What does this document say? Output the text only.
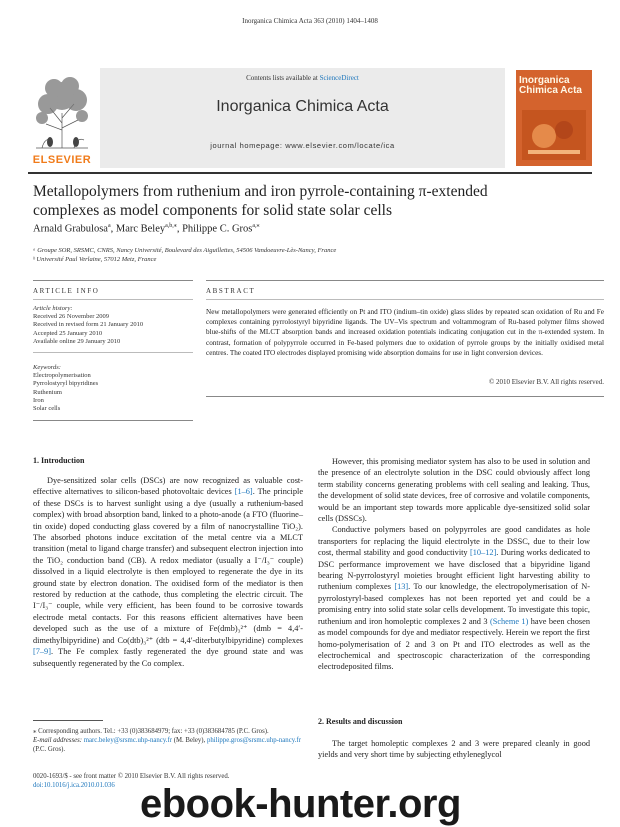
Inorganica Chimica Acta 363 (2010) 1404–1408
ELSEVIER
Contents lists available at ScienceDirect
Inorganica Chimica Acta
journal homepage: www.elsevier.com/locate/ica
Inorganica Chimica Acta
Metallopolymers from ruthenium and iron pyrrole-containing π-extended
complexes as model components for solid state solar cells
Arnald Grabulosa$^a$, Marc Beley$^{a,b,⁎}$, Philippe C. Gros$^{a,⁎}$
ᵃ Groupe SOR, SRSMC, CNRS, Nancy Université, Boulevard des Aiguillettes, 54506 Vandoeuvre-Lès-Nancy, France
ᵇ Université Paul Verlaine, 57012 Metz, France
ARTICLE INFO	ABSTRACT
Article history:
Received 26 November 2009
Received in revised form 21 January 2010
Accepted 25 January 2010
Available online 29 January 2010
Keywords:
Electropolymerisation
Pyrrolostyryl bipyridines
Ruthenium
Iron
Solar cells
New metallopolymers were generated efficiently on Pt and ITO (indium–tin oxide) glass slides by repeated scan oxidation of Ru and Fe complexes containing pyrrolostyryl bipyridine ligands. The UV–Vis spectrum and voltammogram of Ru-based polymer films showed blue-shifts of the MLCT absorption bands and increased oxidation potentials indicating conjugation cut in the π-extended system. In contrast, formation of polypyrrole occurred in Fe-based polymers due to oxidation of pyrrole groups by the initially oxidised metal centres. The coated ITO electrodes displayed promising wide absorption domains for use in light conversion devices.
© 2010 Elsevier B.V. All rights reserved.
1. Introduction

Dye-sensitized solar cells (DSCs) are now recognized as valuable cost-effective alternatives to silicon-based photovoltaic devices [1–6]. The principle of these DSCs is to harvest sunlight using a dye (usually a ruthenium-based complex) with broad absorption band, linked to a photo-anode (a FTO (fluorine–tin oxide) doped conducting glass covered by a film of nanocrystalline TiO₂). The absorbed photons induce excitation of the metal centre via a MLCT transition (metal to ligand charge transfer) and subsequent electron injection into the TiO₂ conduction band (CB). A redox mediator (usually a I⁻/I₃⁻ couple) dissolved in a liquid electrolyte is then employed to regenerate the dye in its ground state by electron donation. The oxidised form of the mediator is then restored by reduction at the cathode, thus completing the electric circuit. The I⁻/I₃⁻ couple, while very efficient, has been found to be corrosive towards electrode metal contacts. For this reasons efficient alternatives have been developed such as the use of a mixture of Fe(dmb)₃²⁺ (dmb = 4,4′-dimethylbipyridine) and Co(dtb)₃²⁺ (dtb = 4,4′-diterbutylbipyridine) complexes [7–9]. The Fe complex fastly regenerated the dye ground state and was subsequently regenerated by the Co complex.

However, this promising mediator system has also to be used in solution and the presence of an electrolyte solution in the DSC could obviously affect long term stability concerns generating problems with cell sealing and leaking. Thus, the development of solid state devices, free of corrosive and volatile components, would be an important step towards more applicable dye-sensitized solid solar cells (DSSCs).

Conductive polymers based on polypyrroles are good candidates as hole transporters for replacing the liquid electrolyte in the DSSC, due to their low cost, thermal stability and good conductivity [10–12]. During works dedicated to DSC performance improvement we have disclosed that a bipyridine ligand bearing N-pyrrolostyryl moieties brought efficient light harvesting ability to ruthenium complexes [13]. To our knowledge, the electropolymerisation of N-pyrrolostyryl-based complexes has not been reported yet and could be a promising entry into solid state solar cells development. To investigate this topic, ruthenium and iron homoleptic complexes 2 and 3 (Scheme 1) have been chosen as model compounds for dye and mediator respectively. Herein we report the first homo-polymerisation of 2 and 3 on Pt and ITO electrodes as well as the electrochemical and spectroscopic characterization of the corresponding electrodeposited films.

2. Results and discussion

The target homoleptic complexes 2 and 3 were prepared cleanly in good yields and very short time by subjecting ethyleneglycol

⁎ Corresponding authors. Tel.: +33 (0)383684979; fax: +33 (0)383684785 (P.C. Gros).
E-mail addresses: marc.beley@srsmc.uhp-nancy.fr (M. Beley), philippe.gros@srsmc.uhp-nancy.fr (P.C. Gros).
0020-1693/$ - see front matter © 2010 Elsevier B.V. All rights reserved.
doi:10.1016/j.ica.2010.01.036 ebook-hunter.org
